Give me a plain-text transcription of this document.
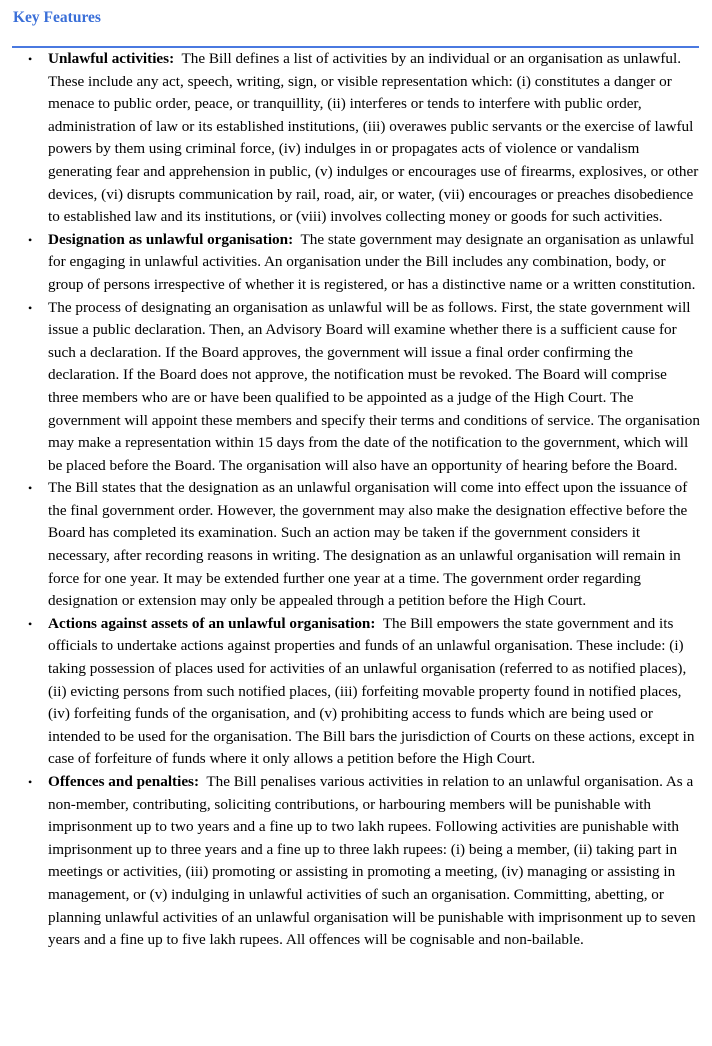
Key Features
• Unlawful activities: The Bill defines a list of activities by an individual or an organisation as unlawful. These include any act, speech, writing, sign, or visible representation which: (i) constitutes a danger or menace to public order, peace, or tranquillity, (ii) interferes or tends to interfere with public order, administration of law or its established institutions, (iii) overawes public servants or the exercise of lawful powers by them using criminal force, (iv) indulges in or propagates acts of violence or vandalism generating fear and apprehension in public, (v) indulges or encourages use of firearms, explosives, or other devices, (vi) disrupts communication by rail, road, air, or water, (vii) encourages or preaches disobedience to established law and its institutions, or (viii) involves collecting money or goods for such activities.
• Designation as unlawful organisation: The state government may designate an organisation as unlawful for engaging in unlawful activities. An organisation under the Bill includes any combination, body, or group of persons irrespective of whether it is registered, or has a distinctive name or a written constitution.
• The process of designating an organisation as unlawful will be as follows. First, the state government will issue a public declaration. Then, an Advisory Board will examine whether there is a sufficient cause for such a declaration. If the Board approves, the government will issue a final order confirming the declaration. If the Board does not approve, the notification must be revoked. The Board will comprise three members who are or have been qualified to be appointed as a judge of the High Court. The government will appoint these members and specify their terms and conditions of service. The organisation may make a representation within 15 days from the date of the notification to the government, which will be placed before the Board. The organisation will also have an opportunity of hearing before the Board.
• The Bill states that the designation as an unlawful organisation will come into effect upon the issuance of the final government order. However, the government may also make the designation effective before the Board has completed its examination. Such an action may be taken if the government considers it necessary, after recording reasons in writing. The designation as an unlawful organisation will remain in force for one year. It may be extended further one year at a time. The government order regarding designation or extension may only be appealed through a petition before the High Court.
• Actions against assets of an unlawful organisation: The Bill empowers the state government and its officials to undertake actions against properties and funds of an unlawful organisation. These include: (i) taking possession of places used for activities of an unlawful organisation (referred to as notified places), (ii) evicting persons from such notified places, (iii) forfeiting movable property found in notified places, (iv) forfeiting funds of the organisation, and (v) prohibiting access to funds which are being used or intended to be used for the organisation. The Bill bars the jurisdiction of Courts on these actions, except in case of forfeiture of funds where it only allows a petition before the High Court.
• Offences and penalties: The Bill penalises various activities in relation to an unlawful organisation. As a non-member, contributing, soliciting contributions, or harbouring members will be punishable with imprisonment up to two years and a fine up to two lakh rupees. Following activities are punishable with imprisonment up to three years and a fine up to three lakh rupees: (i) being a member, (ii) taking part in meetings or activities, (iii) promoting or assisting in promoting a meeting, (iv) managing or assisting in management, or (v) indulging in unlawful activities of such an organisation. Committing, abetting, or planning unlawful activities of an unlawful organisation will be punishable with imprisonment up to seven years and a fine up to five lakh rupees. All offences will be cognisable and non-bailable.
